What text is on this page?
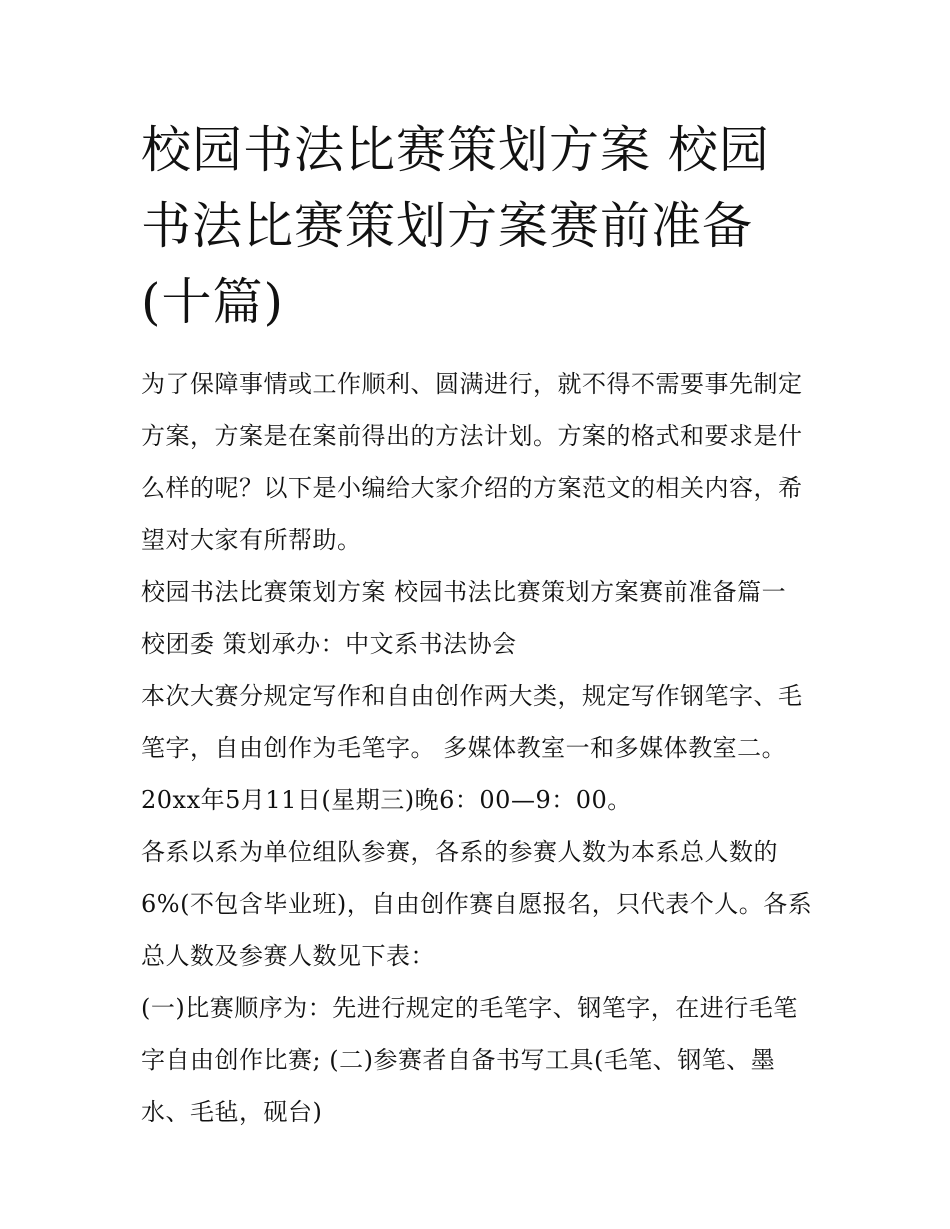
校园书法比赛策划方案 校园书法比赛策划方案赛前准备(十篇)

为了保障事情或工作顺利、圆满进行，就不得不需要事先制定方案，方案是在案前得出的方法计划。方案的格式和要求是什么样的呢？以下是小编给大家介绍的方案范文的相关内容，希望对大家有所帮助。

校园书法比赛策划方案 校园书法比赛策划方案赛前准备篇一

校团委 策划承办：中文系书法协会

本次大赛分规定写作和自由创作两大类，规定写作钢笔字、毛笔字，自由创作为毛笔字。 多媒体教室一和多媒体教室二。

20xx年5月11日(星期三)晚6：00—9：00。

各系以系为单位组队参赛，各系的参赛人数为本系总人数的6%(不包含毕业班)，自由创作赛自愿报名，只代表个人。各系总人数及参赛人数见下表：

(一)比赛顺序为：先进行规定的毛笔字、钢笔字，在进行毛笔字自由创作比赛; (二)参赛者自备书写工具(毛笔、钢笔、墨水、毛毡，砚台)
